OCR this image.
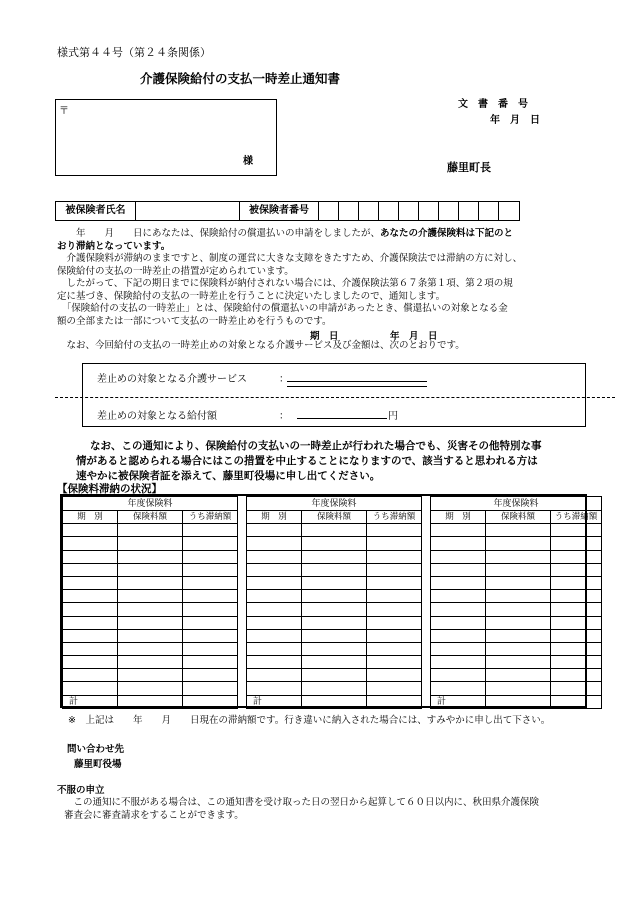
様式第４４号（第２４条関係）
介護保険給付の支払一時差止通知書
文　書　番　号
年　月　日
〒
様	藤里町長
被保険者氏名	被保険者番号
　　年　　月　　日にあなたは、保険給付の償還払いの申請をしましたが、あなたの介護保険料は下記のと
おり滞納となっています。
　介護保険料が滞納のままですと、制度の運営に大きな支障をきたすため、介護保険法では滞納の方に対し、
保険給付の支払の一時差止の措置が定められています。
　したがって、下記の期日までに保険料が納付されない場合には、介護保険法第６７条第１項、第２項の規
定に基づき、保険給付の支払の一時差止を行うことに決定いたしましたので、通知します。
　「保険給付の支払の一時差止」とは、保険給付の償還払いの申請があったとき、償還払いの対象となる金
額の全部または一部について支払の一時差止めを行うものです。
期　日	年　月　日
　なお、今回給付の支払の一時差止めの対象となる介護サービス及び金額は、次のとおりです。
差止めの対象となる介護サービス	：
差止めの対象となる給付額	：	円
なお、この通知により、保険給付の支払いの一時差止が行われた場合でも、災害その他特別な事
情があると認められる場合にはこの措置を中止することになりますので、該当すると思われる方は
速やかに被保険者証を添えて、藤里町役場に申し出てください。
【保険料滞納の状況】
年度保険料				年度保険料				年度保険料		
期　別	保険料額	うち滞納額		期　別	保険料額	うち滞納額		期　別	保険料額	うち滞納額

計				計				計		
※　上記は　　年　　月　　日現在の滞納額です。行き違いに納入された場合には、すみやかに申し出て下さい。
問い合わせ先
藤里町役場
不服の申立
　この通知に不服がある場合は、この通知書を受け取った日の翌日から起算して６０日以内に、秋田県介護保険
審査会に審査請求をすることができます。
